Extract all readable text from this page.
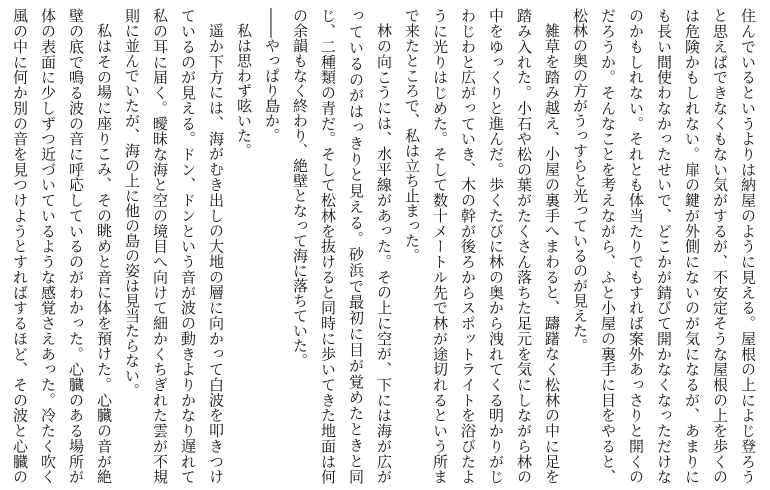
住んでいるというよりは納屋のように見える。屋根の上によじ登ろうと思えばできなくもない気がするが、不安定そうな屋根の上を歩くのは危険かもしれない。扉の鍵が外側にないのが気になるが、あまりにも長い間使わなかったせいで、どこかが錆びて開かなくなっただけなのかもしれない。それとも体当たりでもすれば案外あっさりと開くのだろうか。そんなことを考えながら、ふと小屋の裏手に目をやると、松林の奥の方がうっすらと光っているのが見えた。

雑草を踏み越え、小屋の裏手へまわると、躊躇なく松林の中に足を踏み入れた。小石や松の葉がたくさん落ちた足元を気にしながら林の中をゆっくりと進んだ。歩くたびに林の奥から洩れてくる明かりがじわじわと広がっていき、木の幹が後ろからスポットライトを浴びたように光りはじめた。そして数十メートル先で林が途切れるという所まで来たところで、私は立ち止まった。

林の向こうには、水平線があった。その上に空が、下には海が広がっているのがはっきりと見える。砂浜で最初に目が覚めたときと同じ、二種類の青だ。そして松林を抜けると同時に歩いてきた地面は何の余韻もなく終わり、絶壁となって海に落ちていた。

――やっぱり島か。

私は思わず呟いた。

遥か下方には、海がむき出しの大地の層に向かって白波を叩きつけているのが見える。ドン、ドンという音が波の動きよりかなり遅れて私の耳に届く。曖昧な海と空の境目へ向けて細かくちぎれた雲が不規則に並んでいたが、海の上に他の島の姿は見当たらない。

私はその場に座りこみ、その眺めと音に体を預けた。心臓の音が絶壁の底で鳴る波の音に呼応しているのがわかった。心臓のある場所が体の表面に少しずつ近づいているような感覚さえあった。冷たく吹く風の中に何か別の音を見つけようとすればするほど、その波と心臓の
